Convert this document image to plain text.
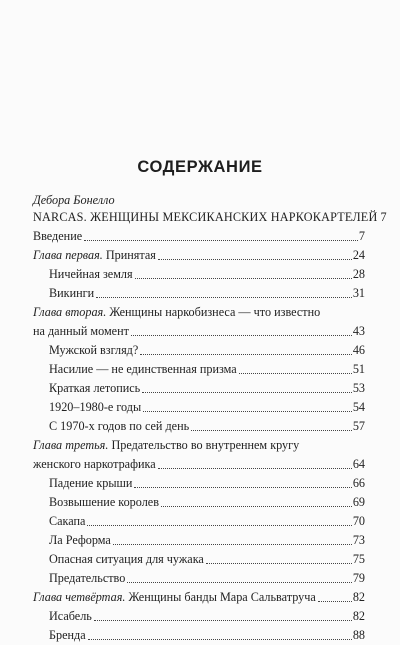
СОДЕРЖАНИЕ
Дебора Бонелло
NARCAS. ЖЕНЩИНЫ МЕКСИКАНСКИХ НАРКОКАРТЕЛЕЙ 7
Введение	7
Глава первая. Принятая	24
Ничейная земля	28
Викинги	31
Глава вторая. Женщины наркобизнеса — что известно
на данный момент	43
Мужской взгляд?	46
Насилие — не единственная призма	51
Краткая летопись	53
1920–1980-е годы	54
С 1970-х годов по сей день	57
Глава третья. Предательство во внутреннем кругу
женского наркотрафика	64
Падение крыши	66
Возвышение королев	69
Сакапа	70
Ла Реформа	73
Опасная ситуация для чужака	75
Предательство	79
Глава четвёртая. Женщины банды Мара Сальватруча	82
Исабель	82
Бренда	88
